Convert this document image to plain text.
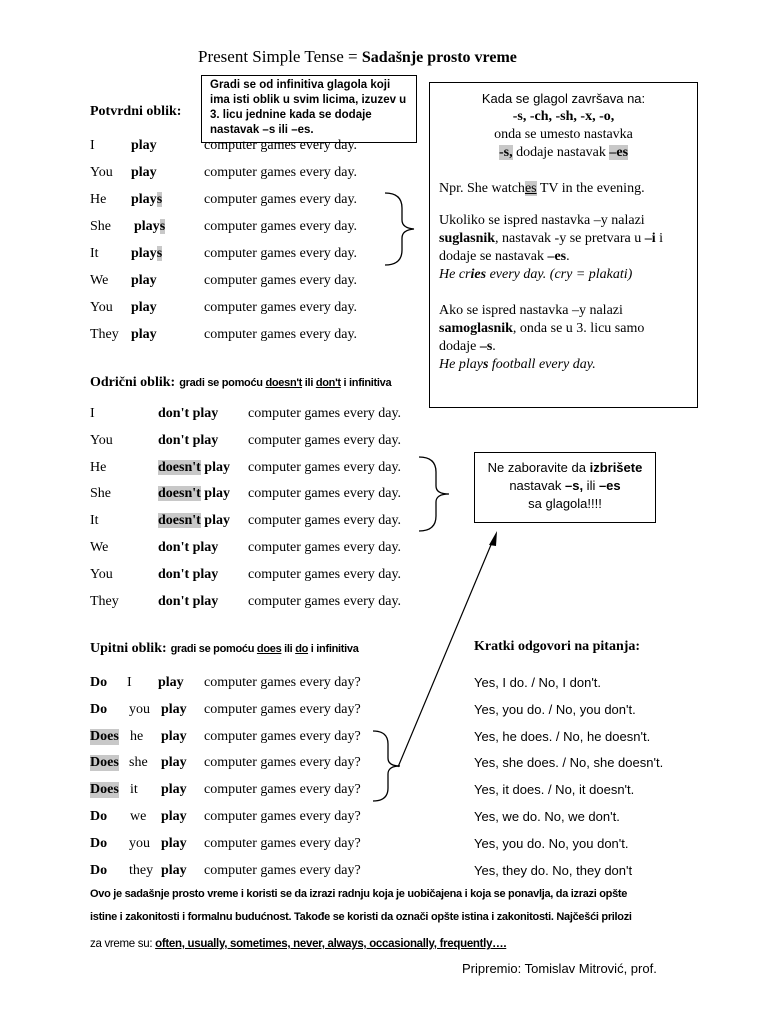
Present Simple Tense = Sadašnje prosto vreme
Gradi se od infinitiva glagola koji
ima isti oblik u svim licima, izuzev u
3. licu jednine kada se dodaje
nastavak –s ili –es.
Potvrdni oblik:
I	play	computer games every day.
You play	computer games every day.
He plays	computer games every day.
She plays	computer games every day.
It plays	computer games every day.
We play	computer games every day.
You play	computer games every day.
They play	computer games every day.
Kada se glagol završava na:
-s, -ch, -sh, -x, -o,
onda se umesto nastavka
-s, dodaje nastavak –es
Npr. She watches TV in the evening.
Ukoliko se ispred nastavka –y nalazi
suglasnik, nastavak -y se pretvara u –i i
dodaje se nastavak –es.
He cries every day. (cry = plakati)
Ako se ispred nastavka –y nalazi
samoglasnik, onda se u 3. licu samo
dodaje –s.
He plays football every day.
Odrični oblik: gradi se pomoću doesn't ili don't i infinitiva
I	don't play computer games every day.
You	don't play computer games every day.
He	doesn't play computer games every day.
She	doesn't play computer games every day.
It	doesn't play computer games every day.
We	don't play computer games every day.
You	don't play computer games every day.
They	don't play computer games every day.
Ne zaboravite da izbrišete
nastavak –s, ili –es
sa glagola!!!!
Upitni oblik: gradi se pomoću does ili do i infinitiva	Kratki odgovori na pitanja:
Do I play computer games every day?
Do you play computer games every day?
Does he play computer games every day?
Does she play computer games every day?
Does it play computer games every day?
Do we play computer games every day?
Do you play computer games every day?
Do they play computer games every day?
Yes, I do. / No, I don't.
Yes, you do. / No, you don't.
Yes, he does. / No, he doesn't.
Yes, she does. / No, she doesn't.
Yes, it does. / No, it doesn't.
Yes, we do. No, we don't.
Yes, you do. No, you don't.
Yes, they do. No, they don't
Ovo je sadašnje prosto vreme i koristi se da izrazi radnju koja je uobičajena i koja se ponavlja, da izrazi opšte
istine i zakonitosti i formalnu budućnost. Takođe se koristi da označi opšte istina i zakonitosti. Najčešći prilozi
za vreme su: often, usually, sometimes, never, always, occasionally, frequently….
Pripremio: Tomislav Mitrović, prof.
